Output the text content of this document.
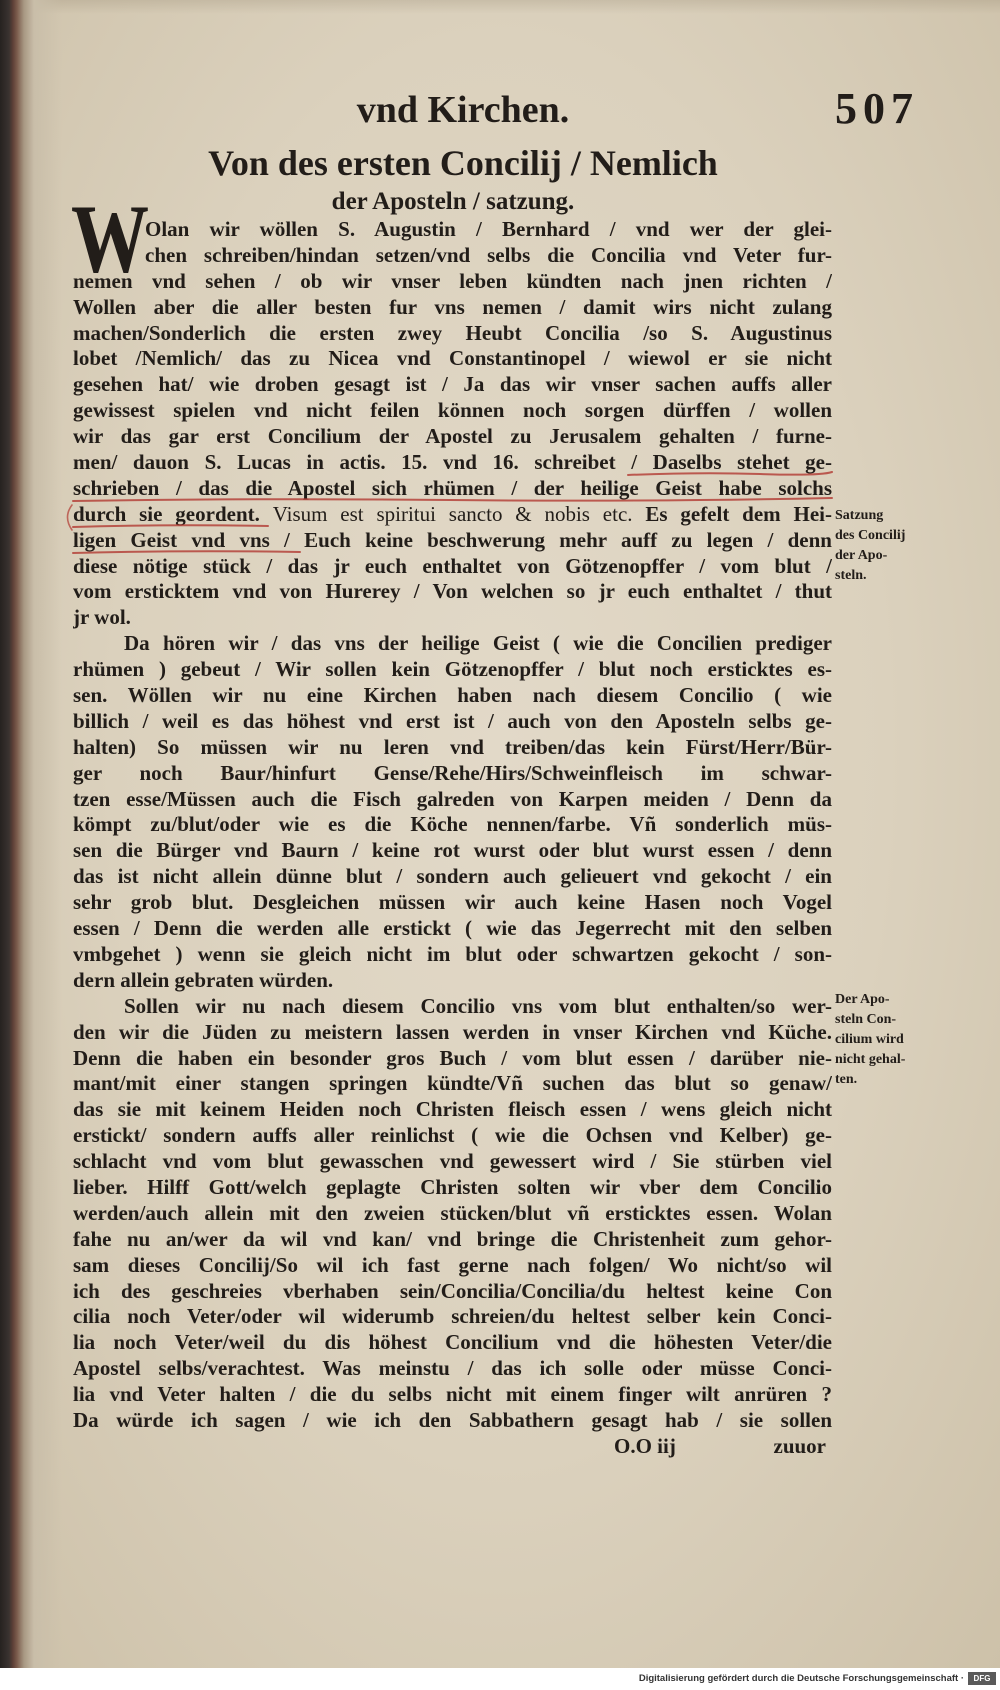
vnd Kirchen.	507
Von des ersten Concilij / Nemlich
der Aposteln / satzung.
W
Olan wir wöllen S. Augustin / Bernhard / vnd wer der glei-
chen schreiben/hindan setzen/vnd selbs die Concilia vnd Veter fur-
nemen vnd sehen / ob wir vnser leben kündten nach jnen richten /
Wollen aber die aller besten fur vns nemen / damit wirs nicht zulang
machen/Sonderlich die ersten zwey Heubt Concilia /so S. Augustinus
lobet /Nemlich/ das zu Nicea vnd Constantinopel / wiewol er sie nicht
gesehen hat/ wie droben gesagt ist / Ja das wir vnser sachen auffs aller
gewissest spielen vnd nicht feilen können noch sorgen dürffen / wollen
wir das gar erst Concilium der Apostel zu Jerusalem gehalten / furne-
men/ dauon S. Lucas in actis. 15. vnd 16. schreibet / Daselbs stehet ge-
schrieben / das die Apostel sich rhümen / der heilige Geist habe solchs
durch sie geordent. Visum est spiritui sancto & nobis etc. Es gefelt dem Hei-
ligen Geist vnd vns / Euch keine beschwerung mehr auff zu legen / denn
diese nötige stück / das jr euch enthaltet von Götzenopffer / vom blut /
vom ersticktem vnd von Hurerey / Von welchen so jr euch enthaltet / thut
jr wol.
Da hören wir / das vns der heilige Geist ( wie die Concilien prediger
rhümen ) gebeut / Wir sollen kein Götzenopffer / blut noch ersticktes es-
sen. Wöllen wir nu eine Kirchen haben nach diesem Concilio ( wie
billich / weil es das höhest vnd erst ist / auch von den Aposteln selbs ge-
halten) So müssen wir nu leren vnd treiben/das kein Fürst/Herr/Bür-
ger noch Baur/hinfurt Gense/Rehe/Hirs/Schweinfleisch im schwar-
tzen esse/Müssen auch die Fisch galreden von Karpen meiden / Denn da
kömpt zu/blut/oder wie es die Köche nennen/farbe. Vñ sonderlich müs-
sen die Bürger vnd Baurn / keine rot wurst oder blut wurst essen / denn
das ist nicht allein dünne blut / sondern auch gelieuert vnd gekocht / ein
sehr grob blut. Desgleichen müssen wir auch keine Hasen noch Vogel
essen / Denn die werden alle erstickt ( wie das Jegerrecht mit den selben
vmbgehet ) wenn sie gleich nicht im blut oder schwartzen gekocht / son-
dern allein gebraten würden.
Sollen wir nu nach diesem Concilio vns vom blut enthalten/so wer-
den wir die Jüden zu meistern lassen werden in vnser Kirchen vnd Küche.
Denn die haben ein besonder gros Buch / vom blut essen / darüber nie-
mant/mit einer stangen springen kündte/Vñ suchen das blut so genaw/
das sie mit keinem Heiden noch Christen fleisch essen / wens gleich nicht
erstickt/ sondern auffs aller reinlichst ( wie die Ochsen vnd Kelber) ge-
schlacht vnd vom blut gewasschen vnd gewessert wird / Sie stürben viel
lieber. Hilff Gott/welch geplagte Christen solten wir vber dem Concilio
werden/auch allein mit den zweien stücken/blut vñ ersticktes essen. Wolan
fahe nu an/wer da wil vnd kan/ vnd bringe die Christenheit zum gehor-
sam dieses Concilij/So wil ich fast gerne nach folgen/ Wo nicht/so wil
ich des geschreies vberhaben sein/Concilia/Concilia/du heltest keine Con
cilia noch Veter/oder wil widerumb schreien/du heltest selber kein Conci-
lia noch Veter/weil du dis höhest Concilium vnd die höhesten Veter/die
Apostel selbs/verachtest. Was meinstu / das ich solle oder müsse Conci-
lia vnd Veter halten / die du selbs nicht mit einem finger wilt anrüren ?
Da würde ich sagen / wie ich den Sabbathern gesagt hab / sie sollen
O.O iij	zuuor
Satzung
des Concilij
der Apo-
steln.
Der Apo-
steln Con-
cilium wird
nicht gehal-
ten.
Digitalisierung gefördert durch die Deutsche Forschungsgemeinschaft ·	DFG
